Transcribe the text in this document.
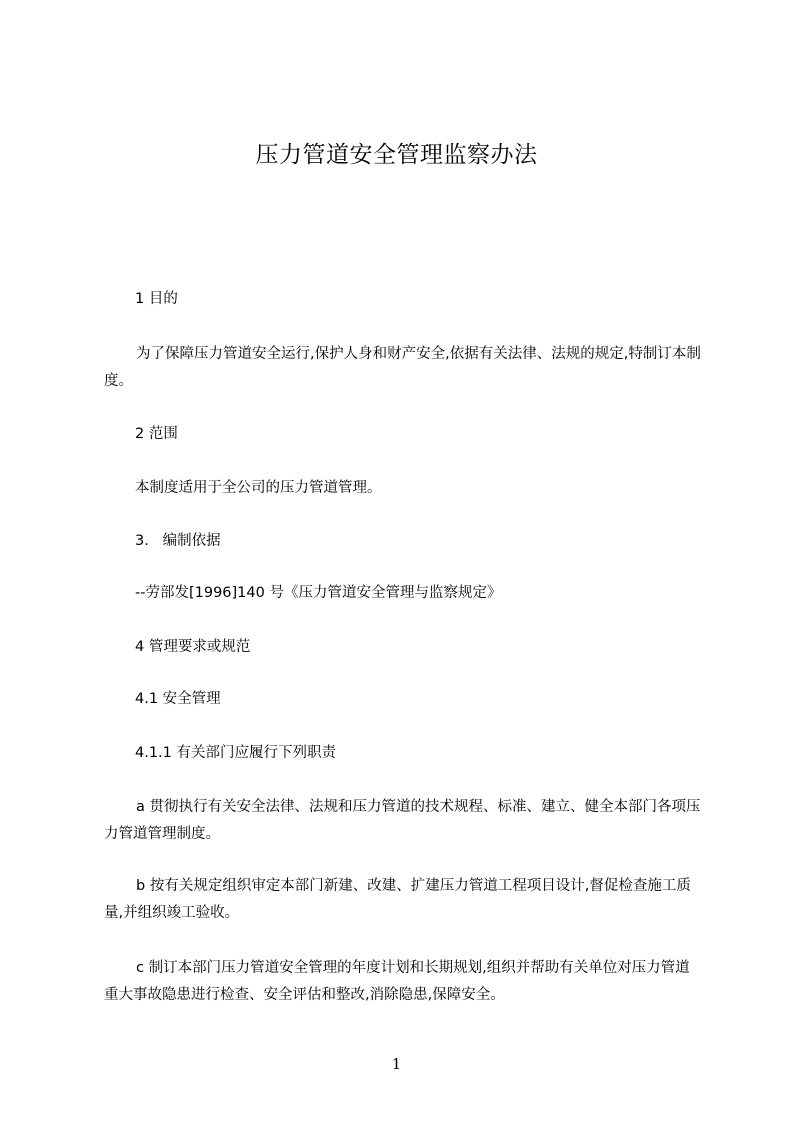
压力管道安全管理监察办法
1 目的

为了保障压力管道安全运行,保护人身和财产安全,依据有关法律、法规的规定,特制订本制度。

2 范围
本制度适用于全公司的压力管道管理。
3.   编制依据
--劳部发[1996]140 号《压力管道安全管理与监察规定》
4 管理要求或规范
4.1 安全管理
4.1.1 有关部门应履行下列职责

a 贯彻执行有关安全法律、法规和压力管道的技术规程、标准、建立、健全本部门各项压力管道管理制度。

b 按有关规定组织审定本部门新建、改建、扩建压力管道工程项目设计,督促检查施工质量,并组织竣工验收。

c 制订本部门压力管道安全管理的年度计划和长期规划,组织并帮助有关单位对压力管道重大事故隐患进行检查、安全评估和整改,消除隐患,保障安全。

1
